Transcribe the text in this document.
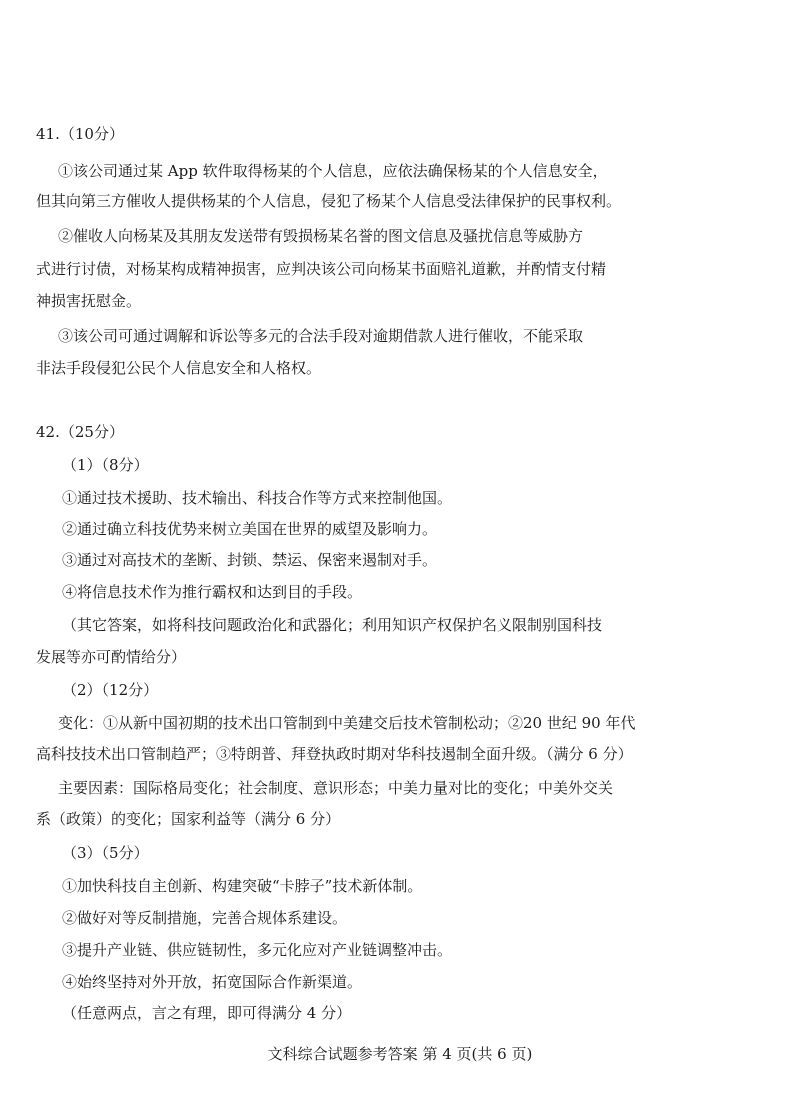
41.（10分）

①该公司通过某 App 软件取得杨某的个人信息，应依法确保杨某的个人信息安全，

但其向第三方催收人提供杨某的个人信息，侵犯了杨某个人信息受法律保护的民事权利。

②催收人向杨某及其朋友发送带有毁损杨某名誉的图文信息及骚扰信息等威胁方

式进行讨债，对杨某构成精神损害，应判决该公司向杨某书面赔礼道歉，并酌情支付精

神损害抚慰金。

③该公司可通过调解和诉讼等多元的合法手段对逾期借款人进行催收，不能采取

非法手段侵犯公民个人信息安全和人格权。

42.（25分）

（1）（8分）

①通过技术援助、技术输出、科技合作等方式来控制他国。

②通过确立科技优势来树立美国在世界的威望及影响力。

③通过对高技术的垄断、封锁、禁运、保密来遏制对手。

④将信息技术作为推行霸权和达到目的手段。

（其它答案，如将科技问题政治化和武器化；利用知识产权保护名义限制别国科技

发展等亦可酌情给分）

（2）（12分）

变化：①从新中国初期的技术出口管制到中美建交后技术管制松动；②20 世纪 90 年代

高科技技术出口管制趋严；③特朗普、拜登执政时期对华科技遏制全面升级。（满分 6 分）

主要因素：国际格局变化；社会制度、意识形态；中美力量对比的变化；中美外交关

系（政策）的变化；国家利益等（满分 6 分）

（3）（5分）

①加快科技自主创新、构建突破“卡脖子”技术新体制。

②做好对等反制措施，完善合规体系建设。

③提升产业链、供应链韧性，多元化应对产业链调整冲击。

④始终坚持对外开放，拓宽国际合作新渠道。

（任意两点，言之有理，即可得满分 4 分）

文科综合试题参考答案 第 4 页(共 6 页)
